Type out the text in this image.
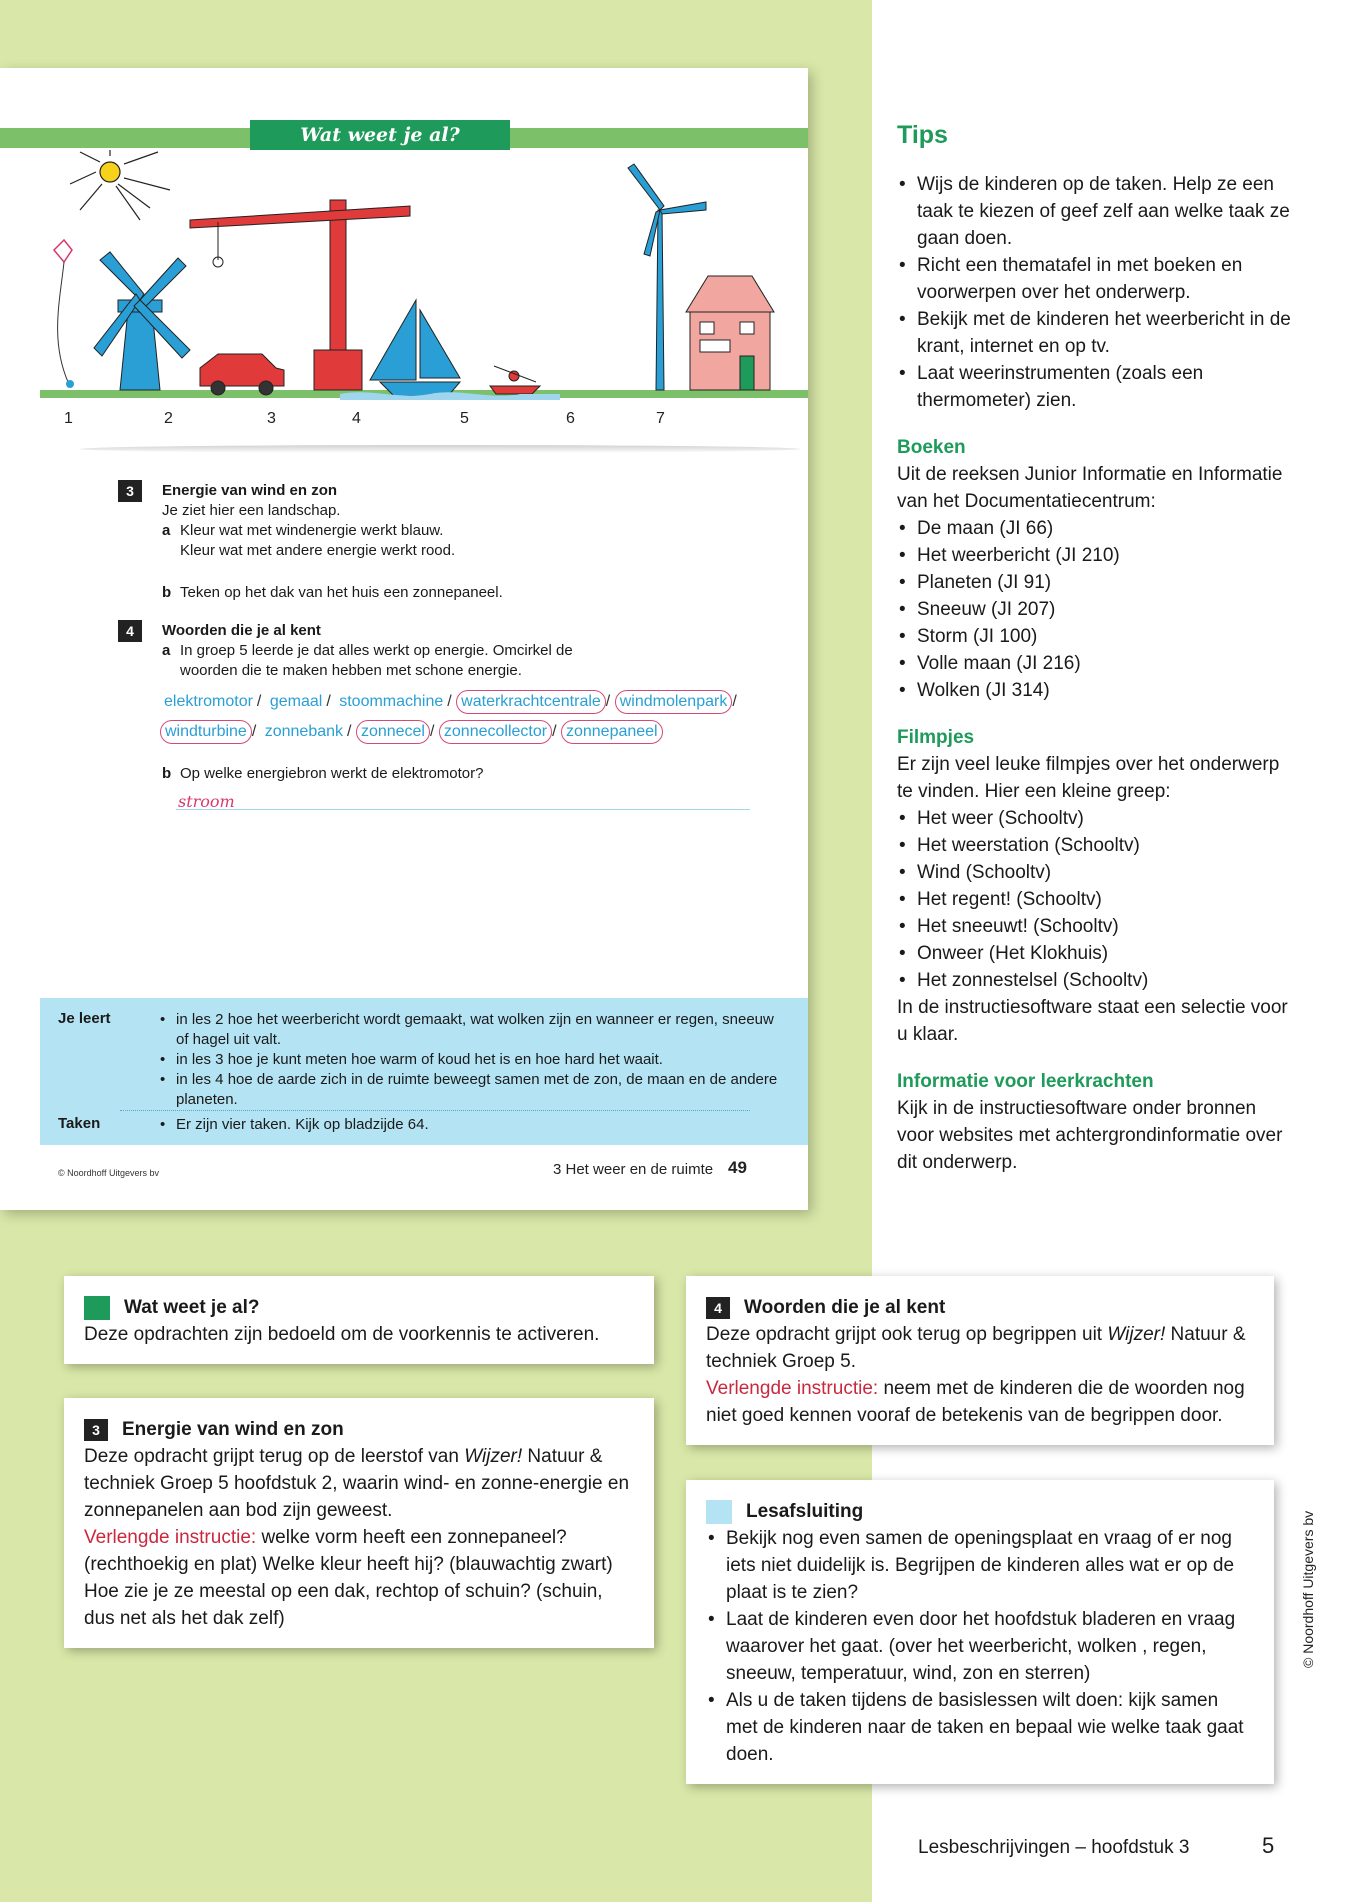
Wat weet je al?
1	2	3	4	5	6	7
3	Energie van wind en zon
Je ziet hier een landschap.
a Kleur wat met windenergie werkt blauw.
Kleur wat met andere energie werkt rood.
b Teken op het dak van het huis een zonnepaneel.
4	Woorden die je al kent
a In groep 5 leerde je dat alles werkt op energie. Omcirkel de
woorden die te maken hebben met schone energie.
elektromotor / gemaal / stoommachine / waterkrachtcentrale / windmolenpark /
windturbine / zonnebank / zonnecel / zonnecollector / zonnepaneel
b Op welke energiebron werkt de elektromotor?
stroom
Je leert	• in les 2 hoe het weerbericht wordt gemaakt, wat wolken zijn en wanneer er regen, sneeuw of hagel uit valt.
• in les 3 hoe je kunt meten hoe warm of koud het is en hoe hard het waait.
• in les 4 hoe de aarde zich in de ruimte beweegt samen met de zon, de maan en de andere planeten.
Taken	• Er zijn vier taken. Kijk op bladzijde 64.
© Noordhoff Uitgevers bv	3 Het weer en de ruimte 49
Tips
• Wijs de kinderen op de taken. Help ze een taak te kiezen of geef zelf aan welke taak ze gaan doen.
• Richt een thematafel in met boeken en voorwerpen over het onderwerp.
• Bekijk met de kinderen het weerbericht in de krant, internet en op tv.
• Laat weerinstrumenten (zoals een thermometer) zien.
Boeken
Uit de reeksen Junior Informatie en Informatie van het Documentatiecentrum:
• De maan (JI 66)
• Het weerbericht (JI 210)
• Planeten (JI 91)
• Sneeuw (JI 207)
• Storm (JI 100)
• Volle maan (JI 216)
• Wolken (JI 314)
Filmpjes
Er zijn veel leuke filmpjes over het onderwerp te vinden. Hier een kleine greep:
• Het weer (Schooltv)
• Het weerstation (Schooltv)
• Wind (Schooltv)
• Het regent! (Schooltv)
• Het sneeuwt! (Schooltv)
• Onweer (Het Klokhuis)
• Het zonnestelsel (Schooltv)
In de instructiesoftware staat een selectie voor u klaar.
Informatie voor leerkrachten
Kijk in de instructiesoftware onder bronnen voor websites met achtergrondinformatie over dit onderwerp.
Wat weet je al?
Deze opdrachten zijn bedoeld om de voorkennis te activeren.
3	Energie van wind en zon
Deze opdracht grijpt terug op de leerstof van Wijzer! Natuur & techniek Groep 5 hoofdstuk 2, waarin wind- en zonne-energie en zonnepanelen aan bod zijn geweest.
Verlengde instructie: welke vorm heeft een zonnepaneel? (rechthoekig en plat) Welke kleur heeft hij? (blauwachtig zwart) Hoe zie je ze meestal op een dak, rechtop of schuin? (schuin, dus net als het dak zelf)
4	Woorden die je al kent
Deze opdracht grijpt ook terug op begrippen uit Wijzer! Natuur & techniek Groep 5.
Verlengde instructie: neem met de kinderen die de woorden nog niet goed kennen vooraf de betekenis van de begrippen door.
Lesafsluiting
• Bekijk nog even samen de openingsplaat en vraag of er nog iets niet duidelijk is. Begrijpen de kinderen alles wat er op de plaat is te zien?
• Laat de kinderen even door het hoofdstuk bladeren en vraag waarover het gaat. (over het weerbericht, wolken , regen, sneeuw, temperatuur, wind, zon en sterren)
• Als u de taken tijdens de basislessen wilt doen: kijk samen met de kinderen naar de taken en bepaal wie welke taak gaat doen.
© Noordhoff Uitgevers bv
Lesbeschrijvingen – hoofdstuk 3	5
